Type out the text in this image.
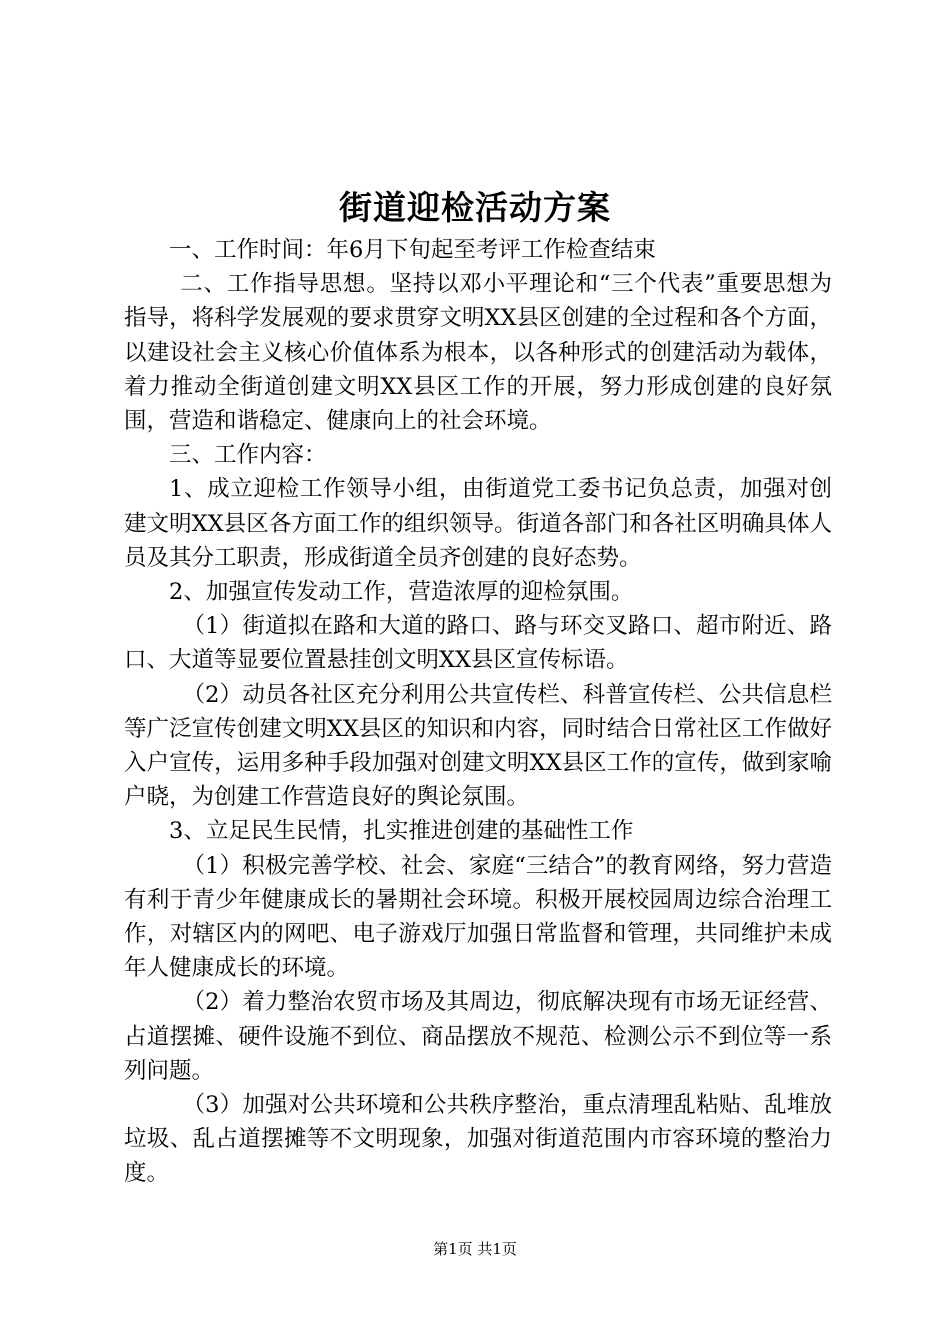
街道迎检活动方案

一、工作时间：年6月下旬起至考评工作检查结束

二、工作指导思想。坚持以邓小平理论和“三个代表”重要思想为指导，将科学发展观的要求贯穿文明XX县区创建的全过程和各个方面，以建设社会主义核心价值体系为根本，以各种形式的创建活动为载体，着力推动全街道创建文明XX县区工作的开展，努力形成创建的良好氛围，营造和谐稳定、健康向上的社会环境。

三、工作内容：

1、成立迎检工作领导小组，由街道党工委书记负总责，加强对创建文明XX县区各方面工作的组织领导。街道各部门和各社区明确具体人员及其分工职责，形成街道全员齐创建的良好态势。

2、加强宣传发动工作，营造浓厚的迎检氛围。

（1）街道拟在路和大道的路口、路与环交叉路口、超市附近、路口、大道等显要位置悬挂创文明XX县区宣传标语。

（2）动员各社区充分利用公共宣传栏、科普宣传栏、公共信息栏等广泛宣传创建文明XX县区的知识和内容，同时结合日常社区工作做好入户宣传，运用多种手段加强对创建文明XX县区工作的宣传，做到家喻户晓，为创建工作营造良好的舆论氛围。

3、立足民生民情，扎实推进创建的基础性工作

（1）积极完善学校、社会、家庭“三结合”的教育网络，努力营造有利于青少年健康成长的暑期社会环境。积极开展校园周边综合治理工作，对辖区内的网吧、电子游戏厅加强日常监督和管理，共同维护未成年人健康成长的环境。

（2）着力整治农贸市场及其周边，彻底解决现有市场无证经营、占道摆摊、硬件设施不到位、商品摆放不规范、检测公示不到位等一系列问题。

（3）加强对公共环境和公共秩序整治，重点清理乱粘贴、乱堆放垃圾、乱占道摆摊等不文明现象，加强对街道范围内市容环境的整治力度。

第1页 共1页
